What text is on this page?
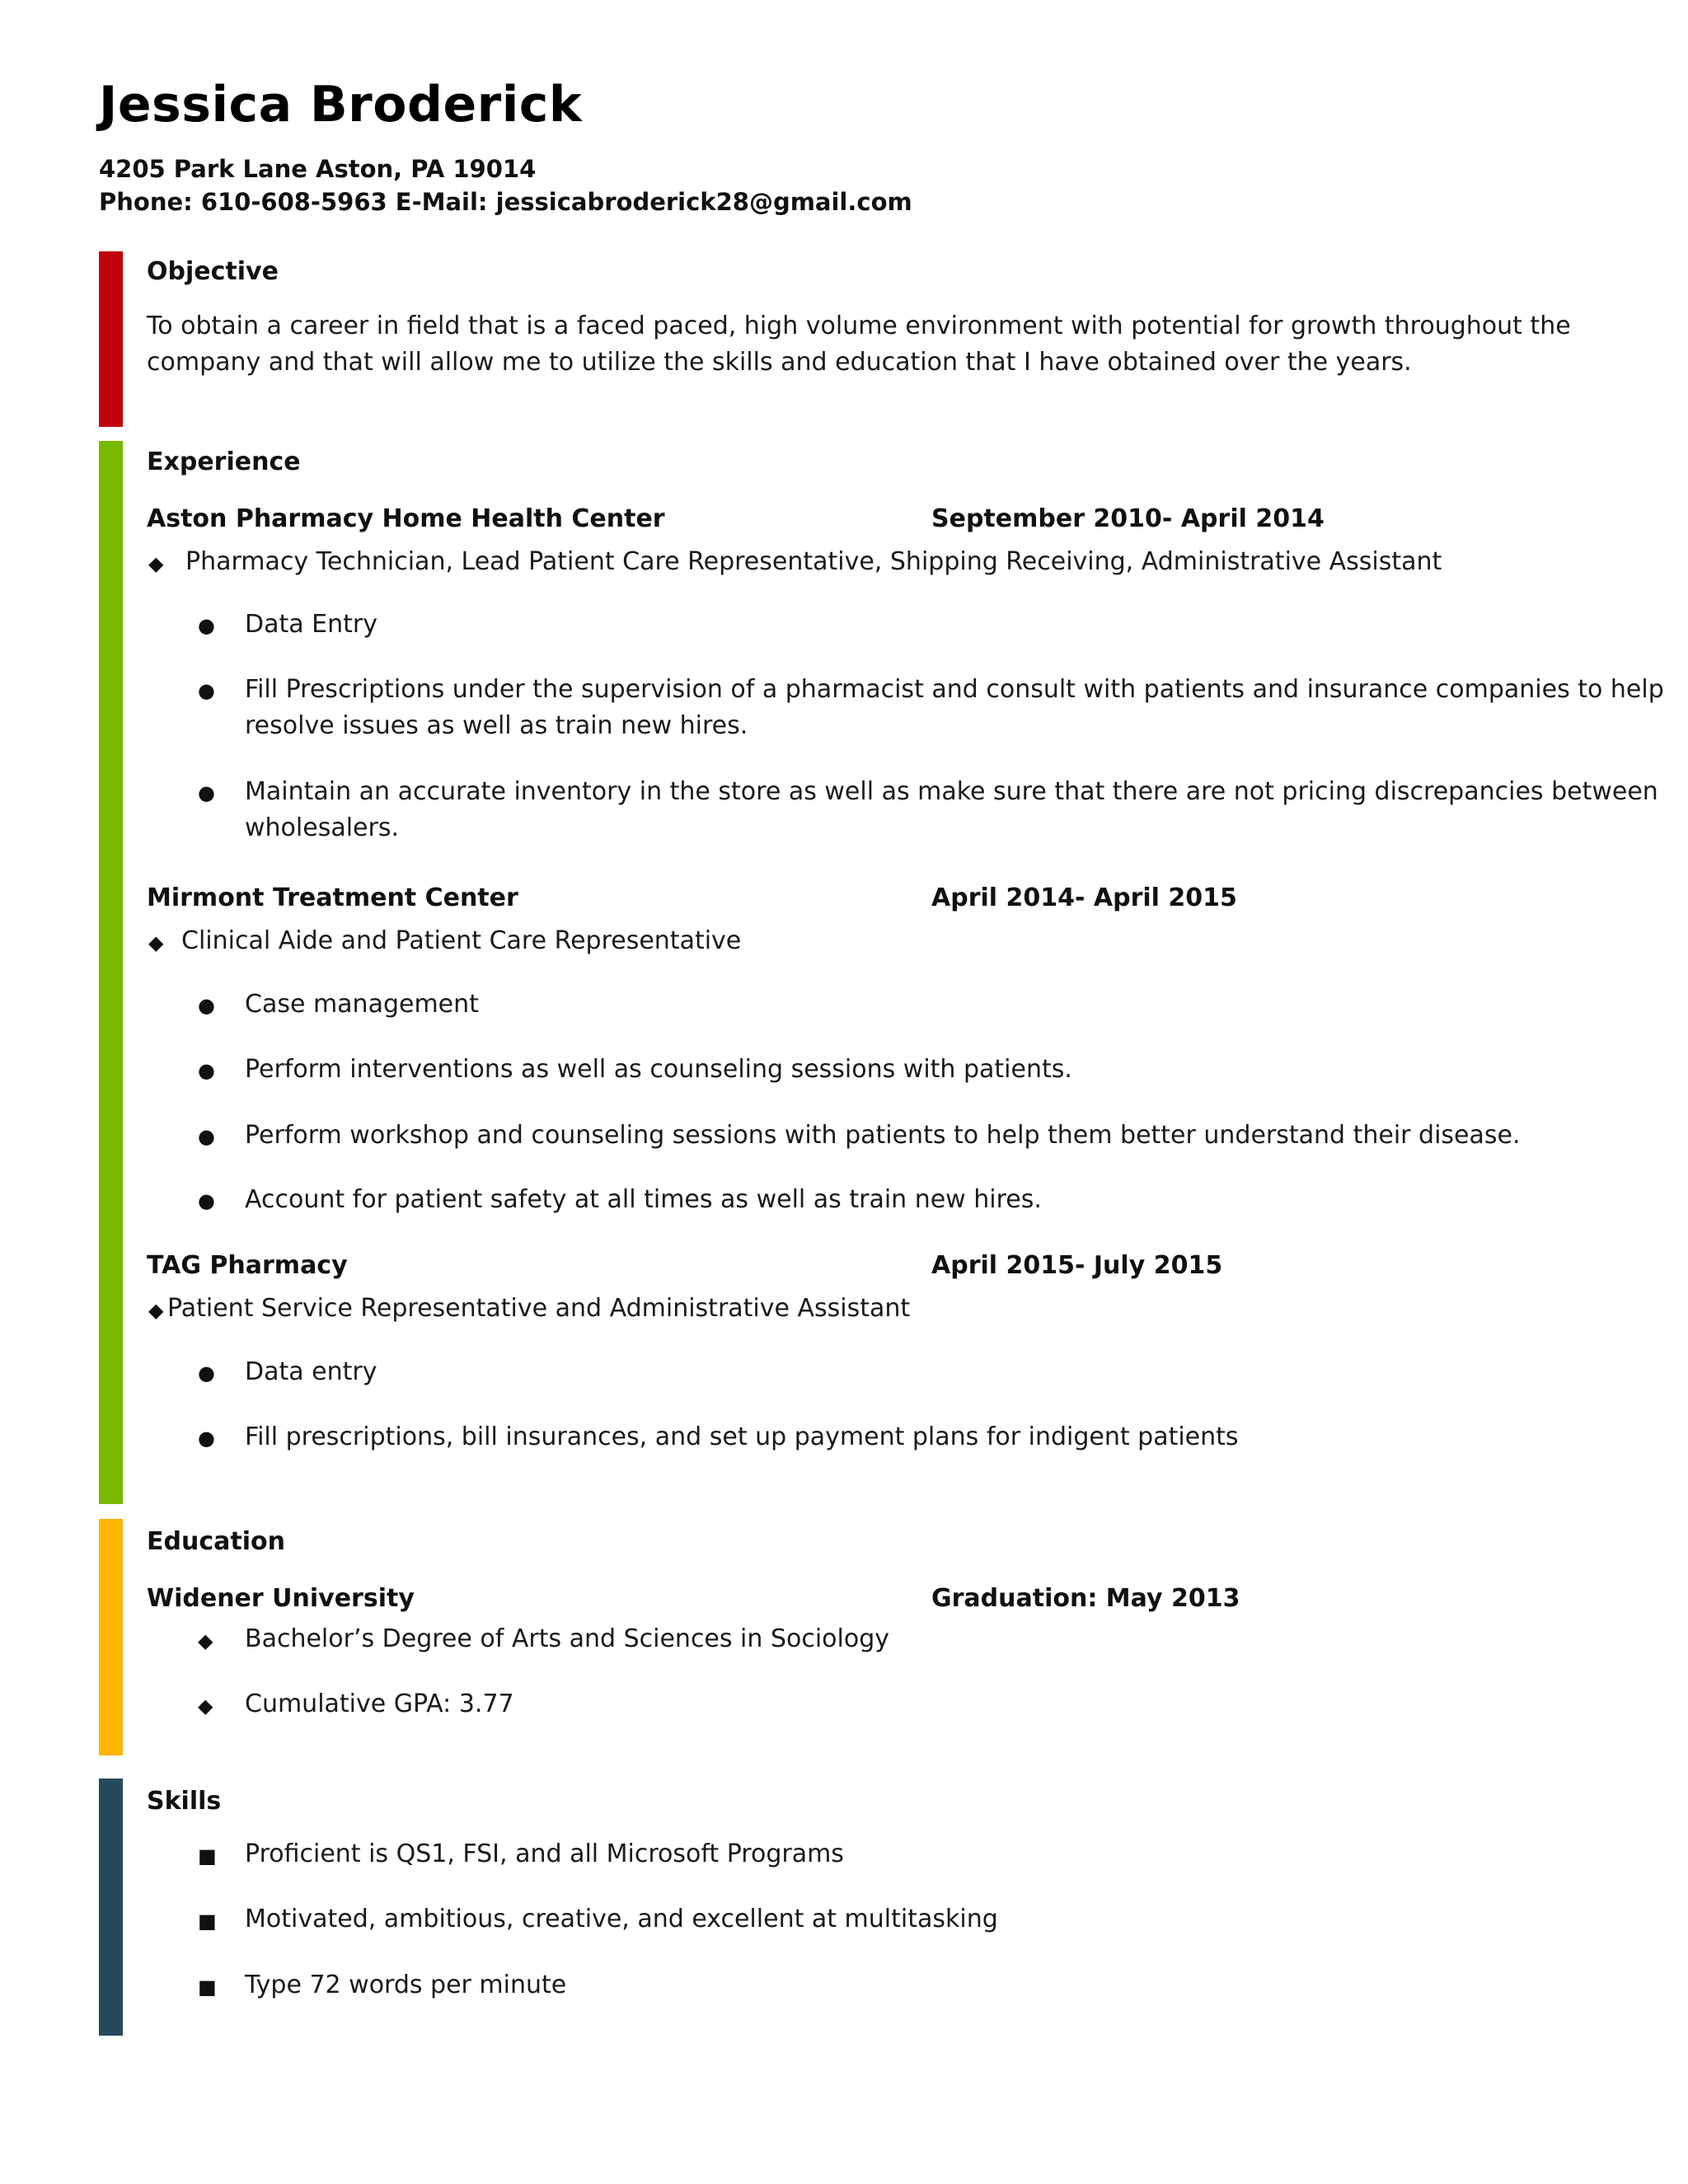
Jessica Broderick
4205 Park Lane Aston, PA 19014
Phone: 610-608-5963 E-Mail: jessicabroderick28@gmail.com
Objective
To obtain a career in field that is a faced paced, high volume environment with potential for growth throughout the
company and that will allow me to utilize the skills and education that I have obtained over the years.
Experience
Aston Pharmacy Home Health Center	September 2010- April 2014
◆ Pharmacy Technician, Lead Patient Care Representative, Shipping Receiving, Administrative Assistant
● Data Entry
● Fill Prescriptions under the supervision of a pharmacist and consult with patients and insurance companies to help
resolve issues as well as train new hires.
● Maintain an accurate inventory in the store as well as make sure that there are not pricing discrepancies between
wholesalers.
Mirmont Treatment Center	April 2014- April 2015
◆ Clinical Aide and Patient Care Representative
● Case management
● Perform interventions as well as counseling sessions with patients.
● Perform workshop and counseling sessions with patients to help them better understand their disease.
● Account for patient safety at all times as well as train new hires.
TAG Pharmacy	April 2015- July 2015
◆ Patient Service Representative and Administrative Assistant
● Data entry
● Fill prescriptions, bill insurances, and set up payment plans for indigent patients
Education
Widener University	Graduation: May 2013
◆ Bachelor’s Degree of Arts and Sciences in Sociology
◆ Cumulative GPA: 3.77
Skills
■ Proficient is QS1, FSI, and all Microsoft Programs
■ Motivated, ambitious, creative, and excellent at multitasking
■ Type 72 words per minute
